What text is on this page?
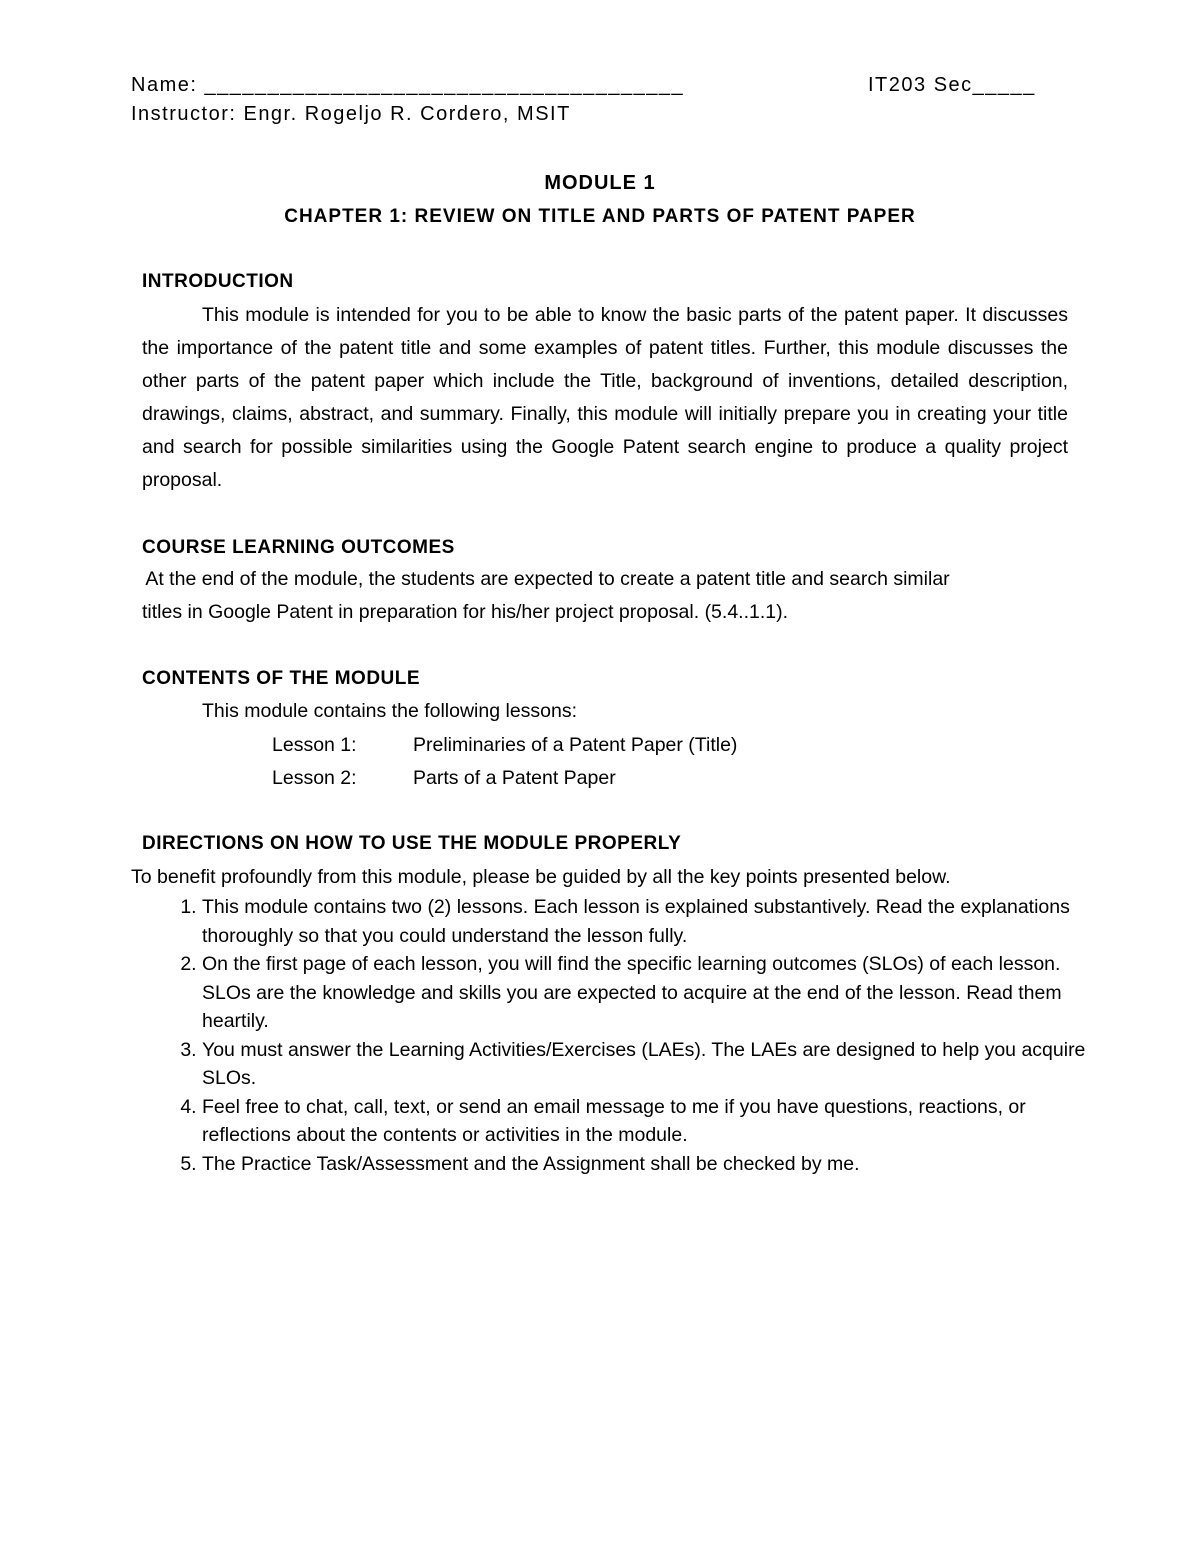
Name: ______________________________________	IT203 Sec_____
Instructor: Engr. Rogeljo R. Cordero, MSIT
MODULE 1
CHAPTER 1: REVIEW ON TITLE AND PARTS OF PATENT PAPER
INTRODUCTION

This module is intended for you to be able to know the basic parts of the patent paper. It discusses the importance of the patent title and some examples of patent titles. Further, this module discusses the other parts of the patent paper which include the Title, background of inventions, detailed description, drawings, claims, abstract, and summary. Finally, this module will initially prepare you in creating your title and search for possible similarities using the Google Patent search engine to produce a quality project proposal.

COURSE LEARNING OUTCOMES

At the end of the module, the students are expected to create a patent title and search similar

titles in Google Patent in preparation for his/her project proposal. (5.4..1.1).

CONTENTS OF THE MODULE

This module contains the following lessons:

Lesson 1:	Preliminaries of a Patent Paper (Title)
Lesson 2:	Parts of a Patent Paper
DIRECTIONS ON HOW TO USE THE MODULE PROPERLY

To benefit profoundly from this module, please be guided by all the key points presented below.

1. This module contains two (2) lessons. Each lesson is explained substantively. Read the explanations thoroughly so that you could understand the lesson fully.
2. On the first page of each lesson, you will find the specific learning outcomes (SLOs) of each lesson. SLOs are the knowledge and skills you are expected to acquire at the end of the lesson. Read them heartily.
3. You must answer the Learning Activities/Exercises (LAEs). The LAEs are designed to help you acquire SLOs.
4. Feel free to chat, call, text, or send an email message to me if you have questions, reactions, or reflections about the contents or activities in the module.
5. The Practice Task/Assessment and the Assignment shall be checked by me.
